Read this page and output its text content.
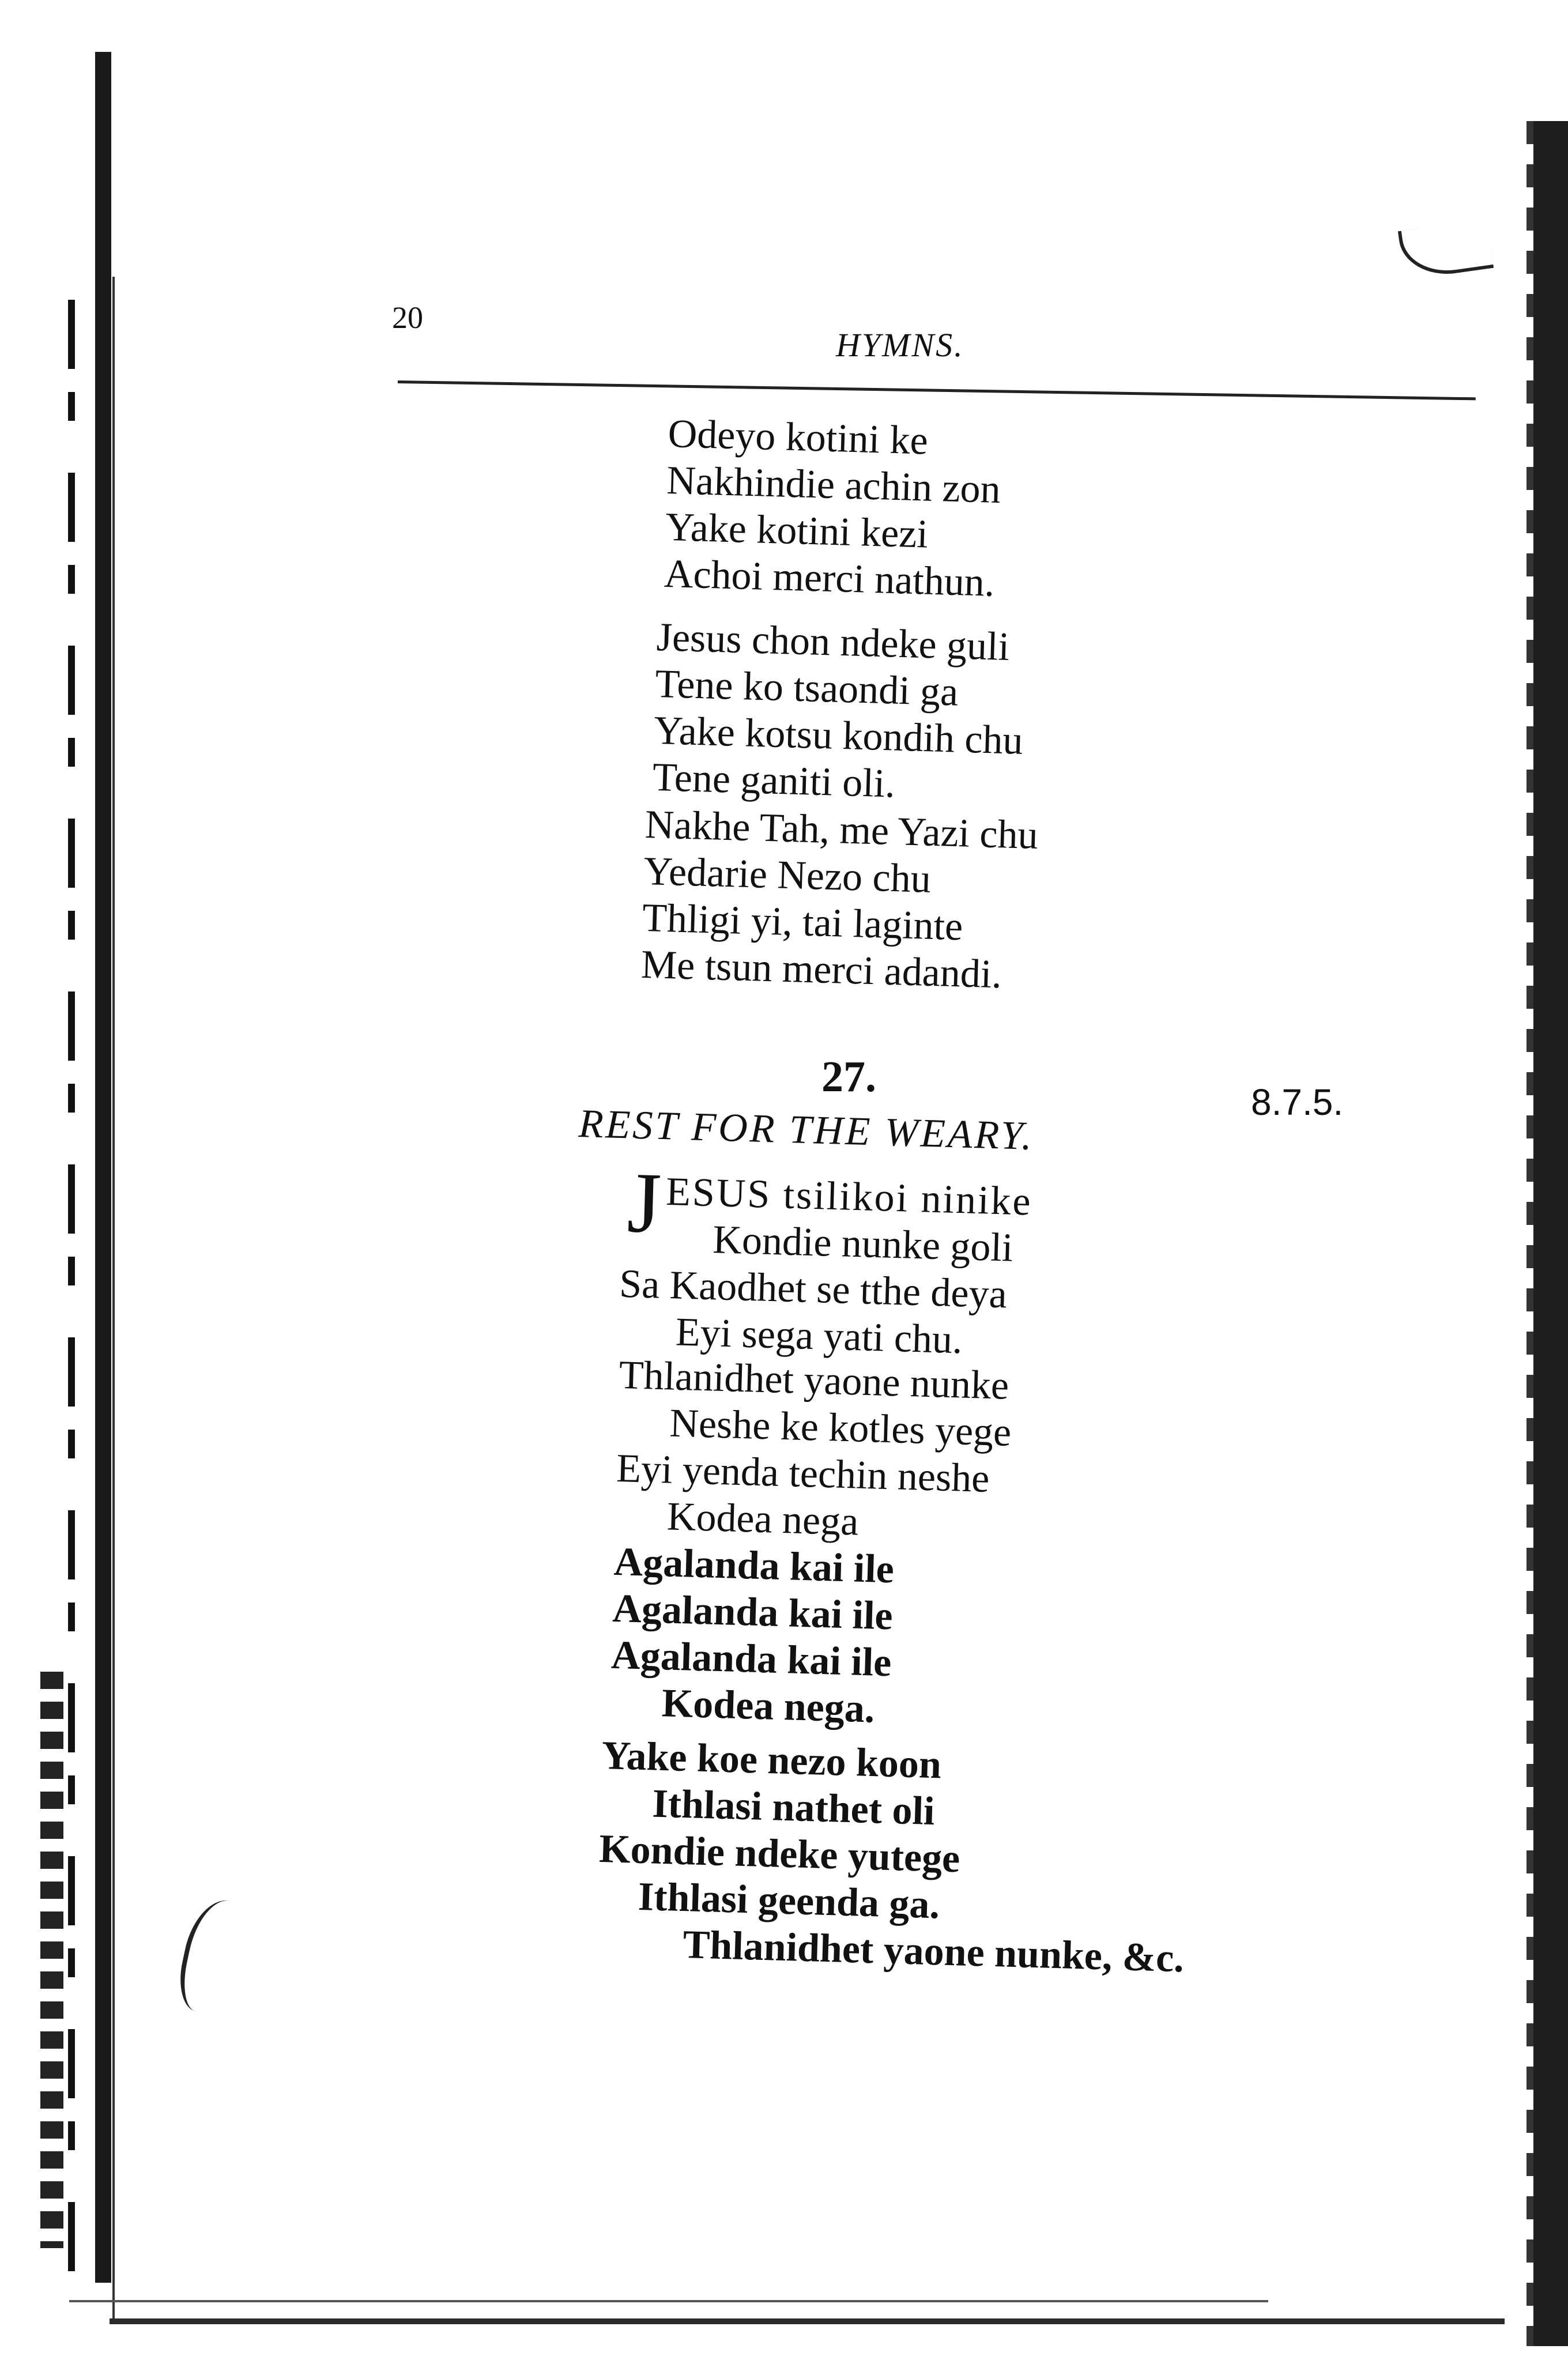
20
HYMNS.
Odeyo kotini ke
Nakhindie achin zon
Yake kotini kezi
Achoi merci nathun.
Jesus chon ndeke guli
Tene ko tsaondi ga
Yake kotsu kondih chu
Tene ganiti oli.
Nakhe Tah, me Yazi chu
Yedarie Nezo chu
Thligi yi, tai laginte
Me tsun merci adandi.
27.
8.7.5.
REST FOR THE WEARY.
JESUS tsilikoi ninike
Kondie nunke goli
Sa Kaodhet se tthe deya
Eyi sega yati chu.
Thlanidhet yaone nunke
Neshe ke kotles yege
Eyi yenda techin neshe
Kodea nega
Agalanda kai ile
Agalanda kai ile
Agalanda kai ile
Kodea nega.
Yake koe nezo koon
Ithlasi nathet oli
Kondie ndeke yutege
Ithlasi geenda ga.
Thlanidhet yaone nunke, &c.
